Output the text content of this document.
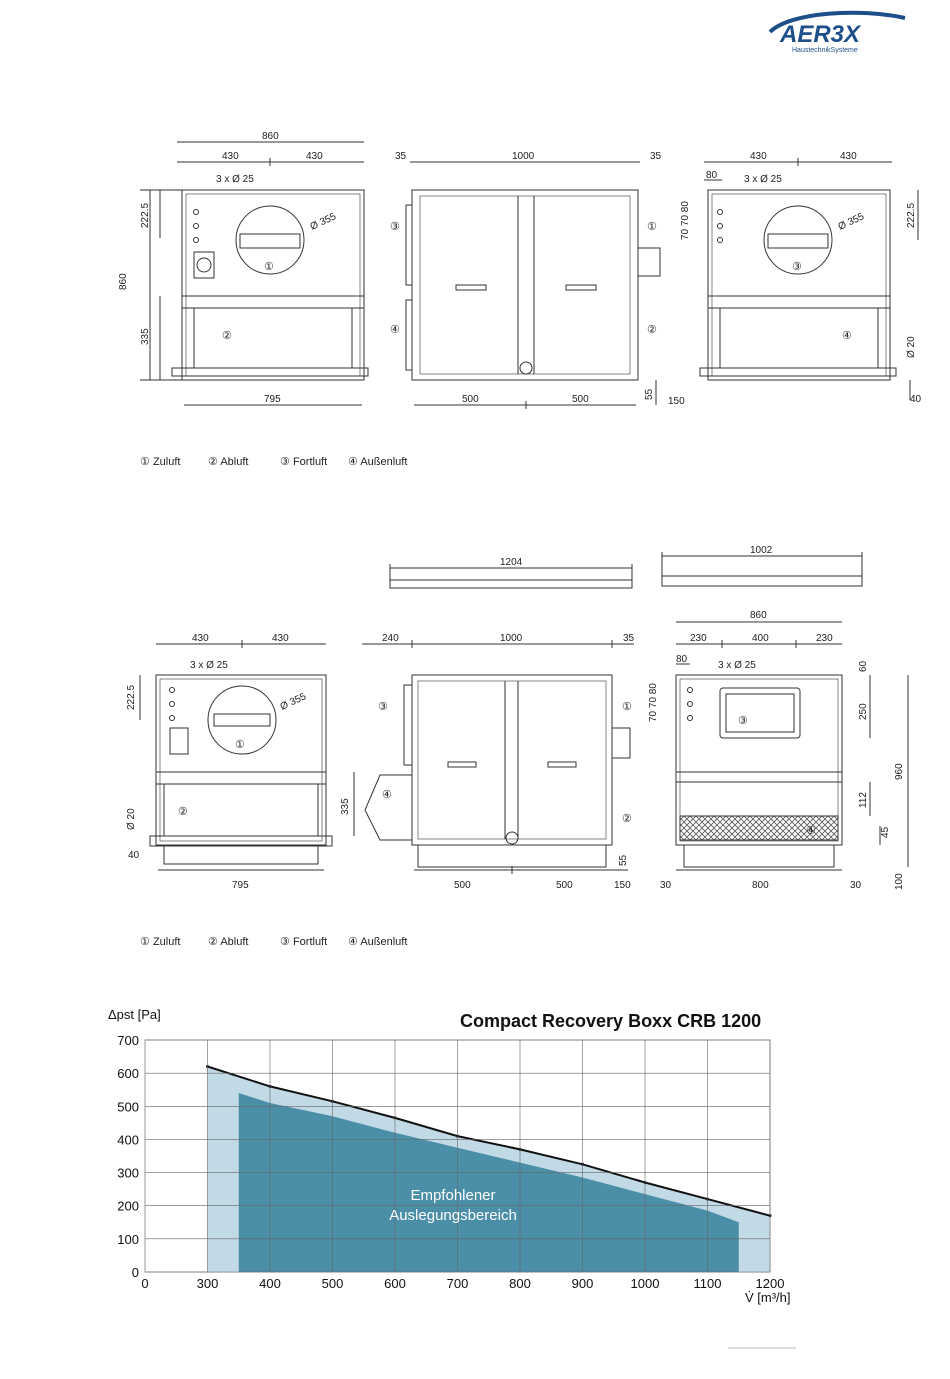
AER3X
HaustechnikSysteme
860
430	430
3 x Ø 25
Ø 355
860
335
222.5
795
①
②
35	1000	35
500	500	55
150
③
④
①
②
430	430
80	3 x Ø 25
70 70 80	222.5
Ø 355
Ø 20
40
③
④
① Zuluft	② Abluft	③ Fortluft ④ Außenluft
1204
1002
430	430
3 x Ø 25
Ø 355
222.5
Ø 20
40
335
795
①
②
240	1000	35
500	500
55
150
③
④
①
②
860
230	400	230
80
3 x Ø 25
70 70 80
60
250
960
112
45
100
30	800	30
③
④
① Zuluft	② Abluft	③ Fortluft ④ Außenluft
Compact Recovery Boxx CRB 1200
Δpst [Pa]
V̇ [m³/h]
0
100
200
300
400
500
600
700
0	300	400	500	600	700	800	900	1000	1100	1200
Empfohlener
Auslegungsbereich
